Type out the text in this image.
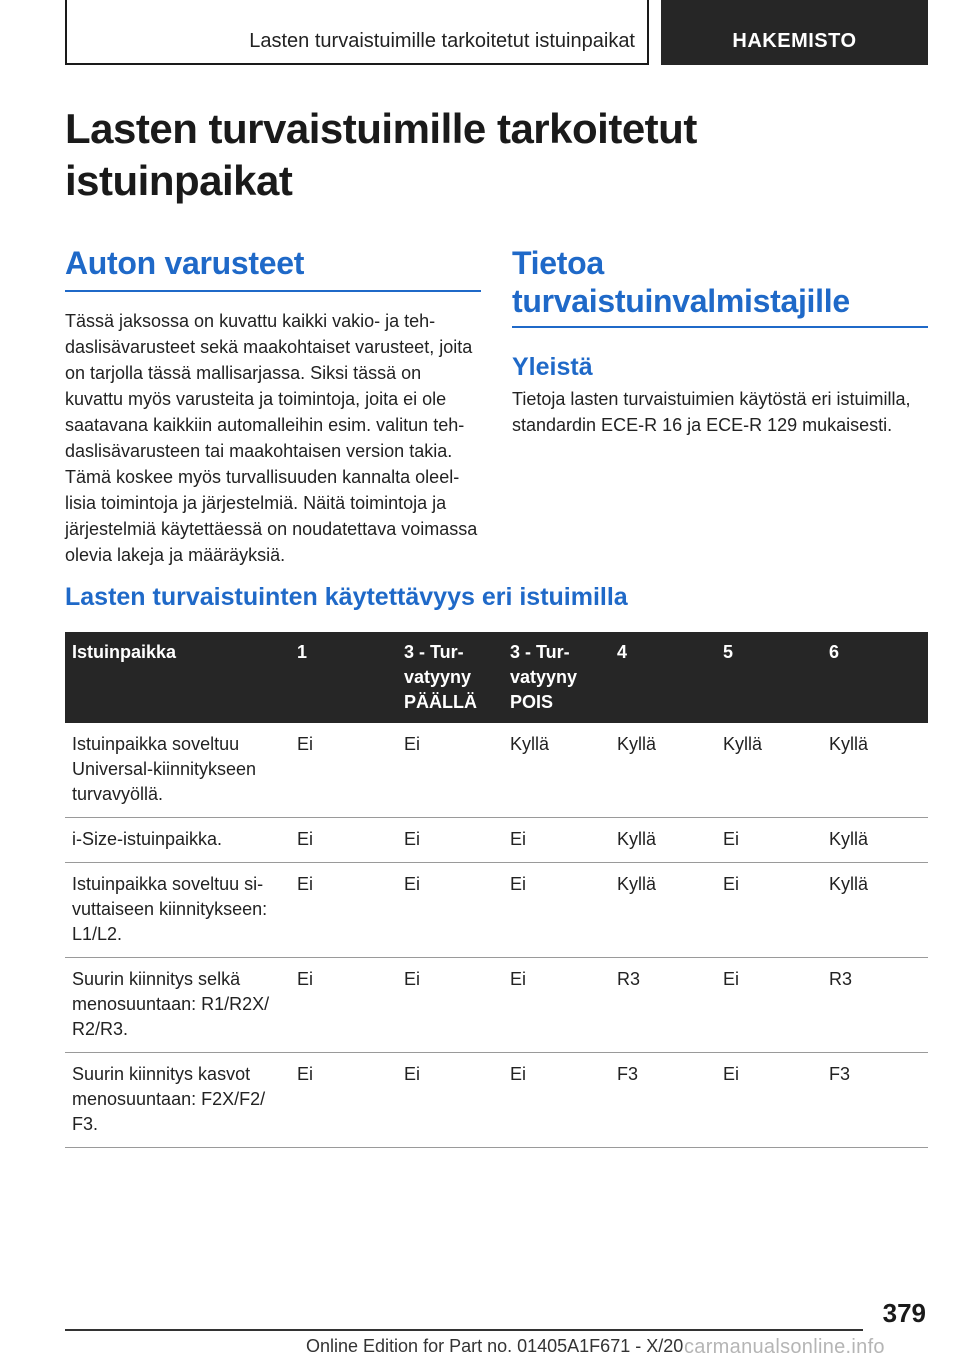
Lasten turvaistuimille tarkoitetut istuinpaikat	HAKEMISTO
Lasten turvaistuimille tarkoitetut istuinpaikat
Auton varusteet

Tässä jaksossa on kuvattu kaikki vakio- ja tehdaslisävarusteet sekä maakohtaiset varusteet, joita on tarjolla tässä mallisarjassa. Siksi tässä on kuvattu myös varusteita ja toimintoja, joita ei ole saatavana kaikkiin automalleihin esim. valitun tehdaslisävarusteen tai maakohtaisen version takia. Tämä koskee myös turvallisuuden kannalta oleellisia toimintoja ja järjestelmiä. Näitä toimintoja ja järjestelmiä käytettäessä on noudatettava voimassa olevia lakeja ja määräyksiä.

Tietoa turvaistuinvalmistajille
Yleistä

Tietoja lasten turvaistuimien käytöstä eri istuimilla, standardin ECE-R 16 ja ECE-R 129 mukaisesti.

Lasten turvaistuinten käytettävyys eri istuimilla
Istuinpaikka	1	3 - Turvatyyny PÄÄLLÄ	3 - Turvatyyny POIS	4	5	6
Istuinpaikka soveltuu Universal-kiinnitykseen turvavyöllä.	Ei	Ei	Kyllä	Kyllä	Kyllä	Kyllä
i-Size-istuinpaikka.	Ei	Ei	Ei	Kyllä	Ei	Kyllä
Istuinpaikka soveltuu sivuttaiseen kiinnitykseen: L1/L2.	Ei	Ei	Ei	Kyllä	Ei	Kyllä
Suurin kiinnitys selkä menosuuntaan: R1/R2X/​R2/R3.	Ei	Ei	Ei	R3	Ei	R3
Suurin kiinnitys kasvot menosuuntaan: F2X/F2/​F3.	Ei	Ei	Ei	F3	Ei	F3
379
Online Edition for Part no. 01405A1F671 - X/20 carmanualsonline.info
